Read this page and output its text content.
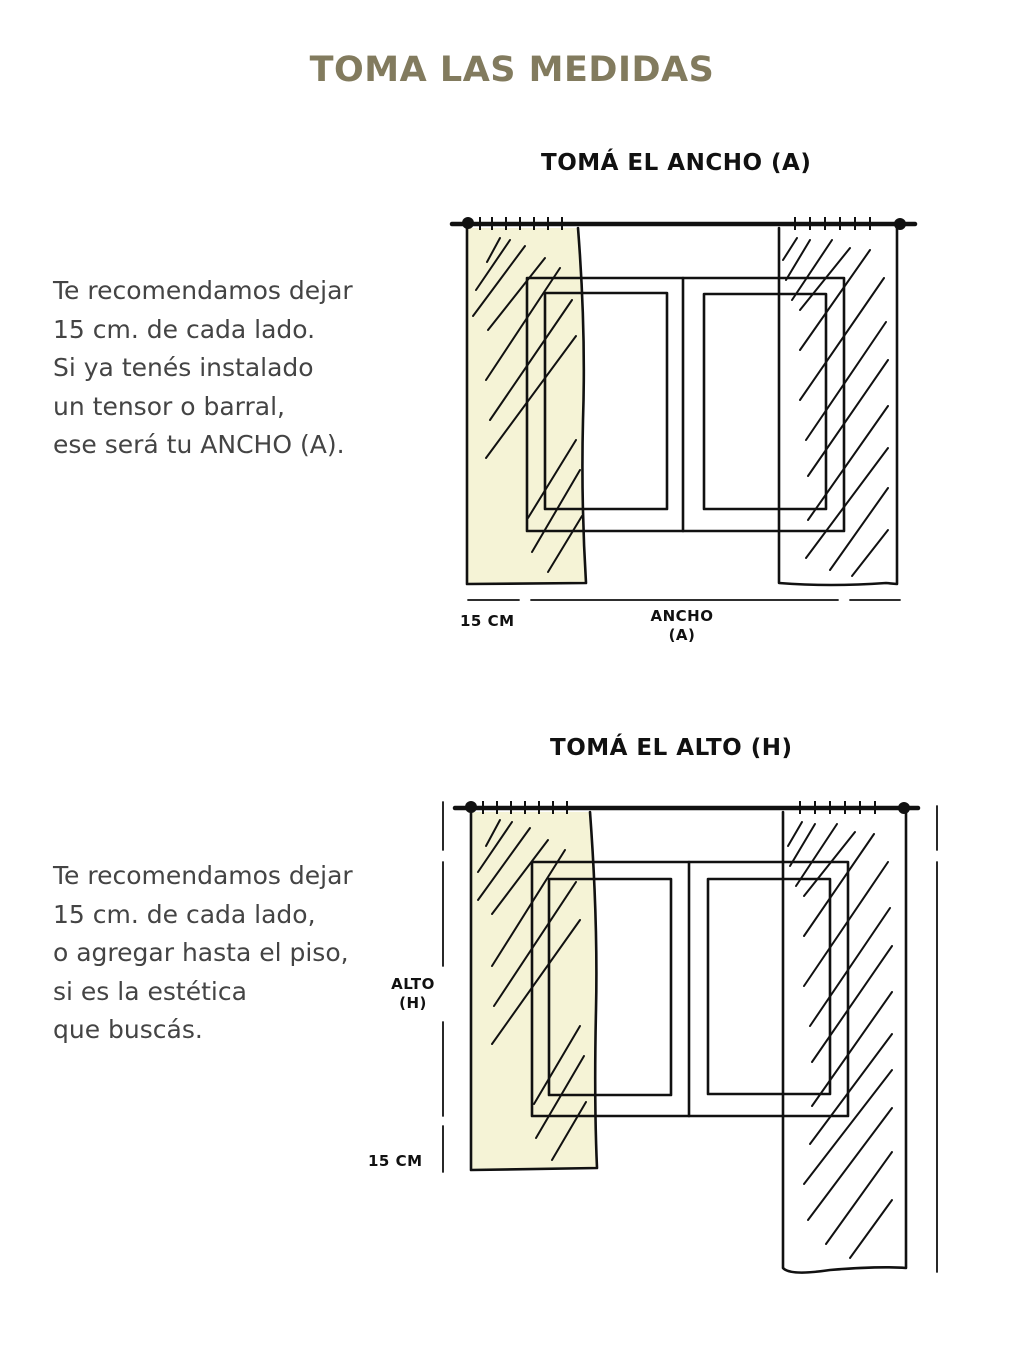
TOMA LAS MEDIDAS
Te recomendamos dejar
15 cm. de cada lado.
Si ya tenés instalado
un tensor o barral,
ese será tu ANCHO (A).
Te recomendamos dejar
15 cm. de cada lado,
o agregar hasta el piso,
si es la estética
que buscás.
TOMÁ EL ANCHO (A)
TOMÁ EL ALTO (H)
15 CM	ANCHO
(A)
ALTO
(H)
15 CM
